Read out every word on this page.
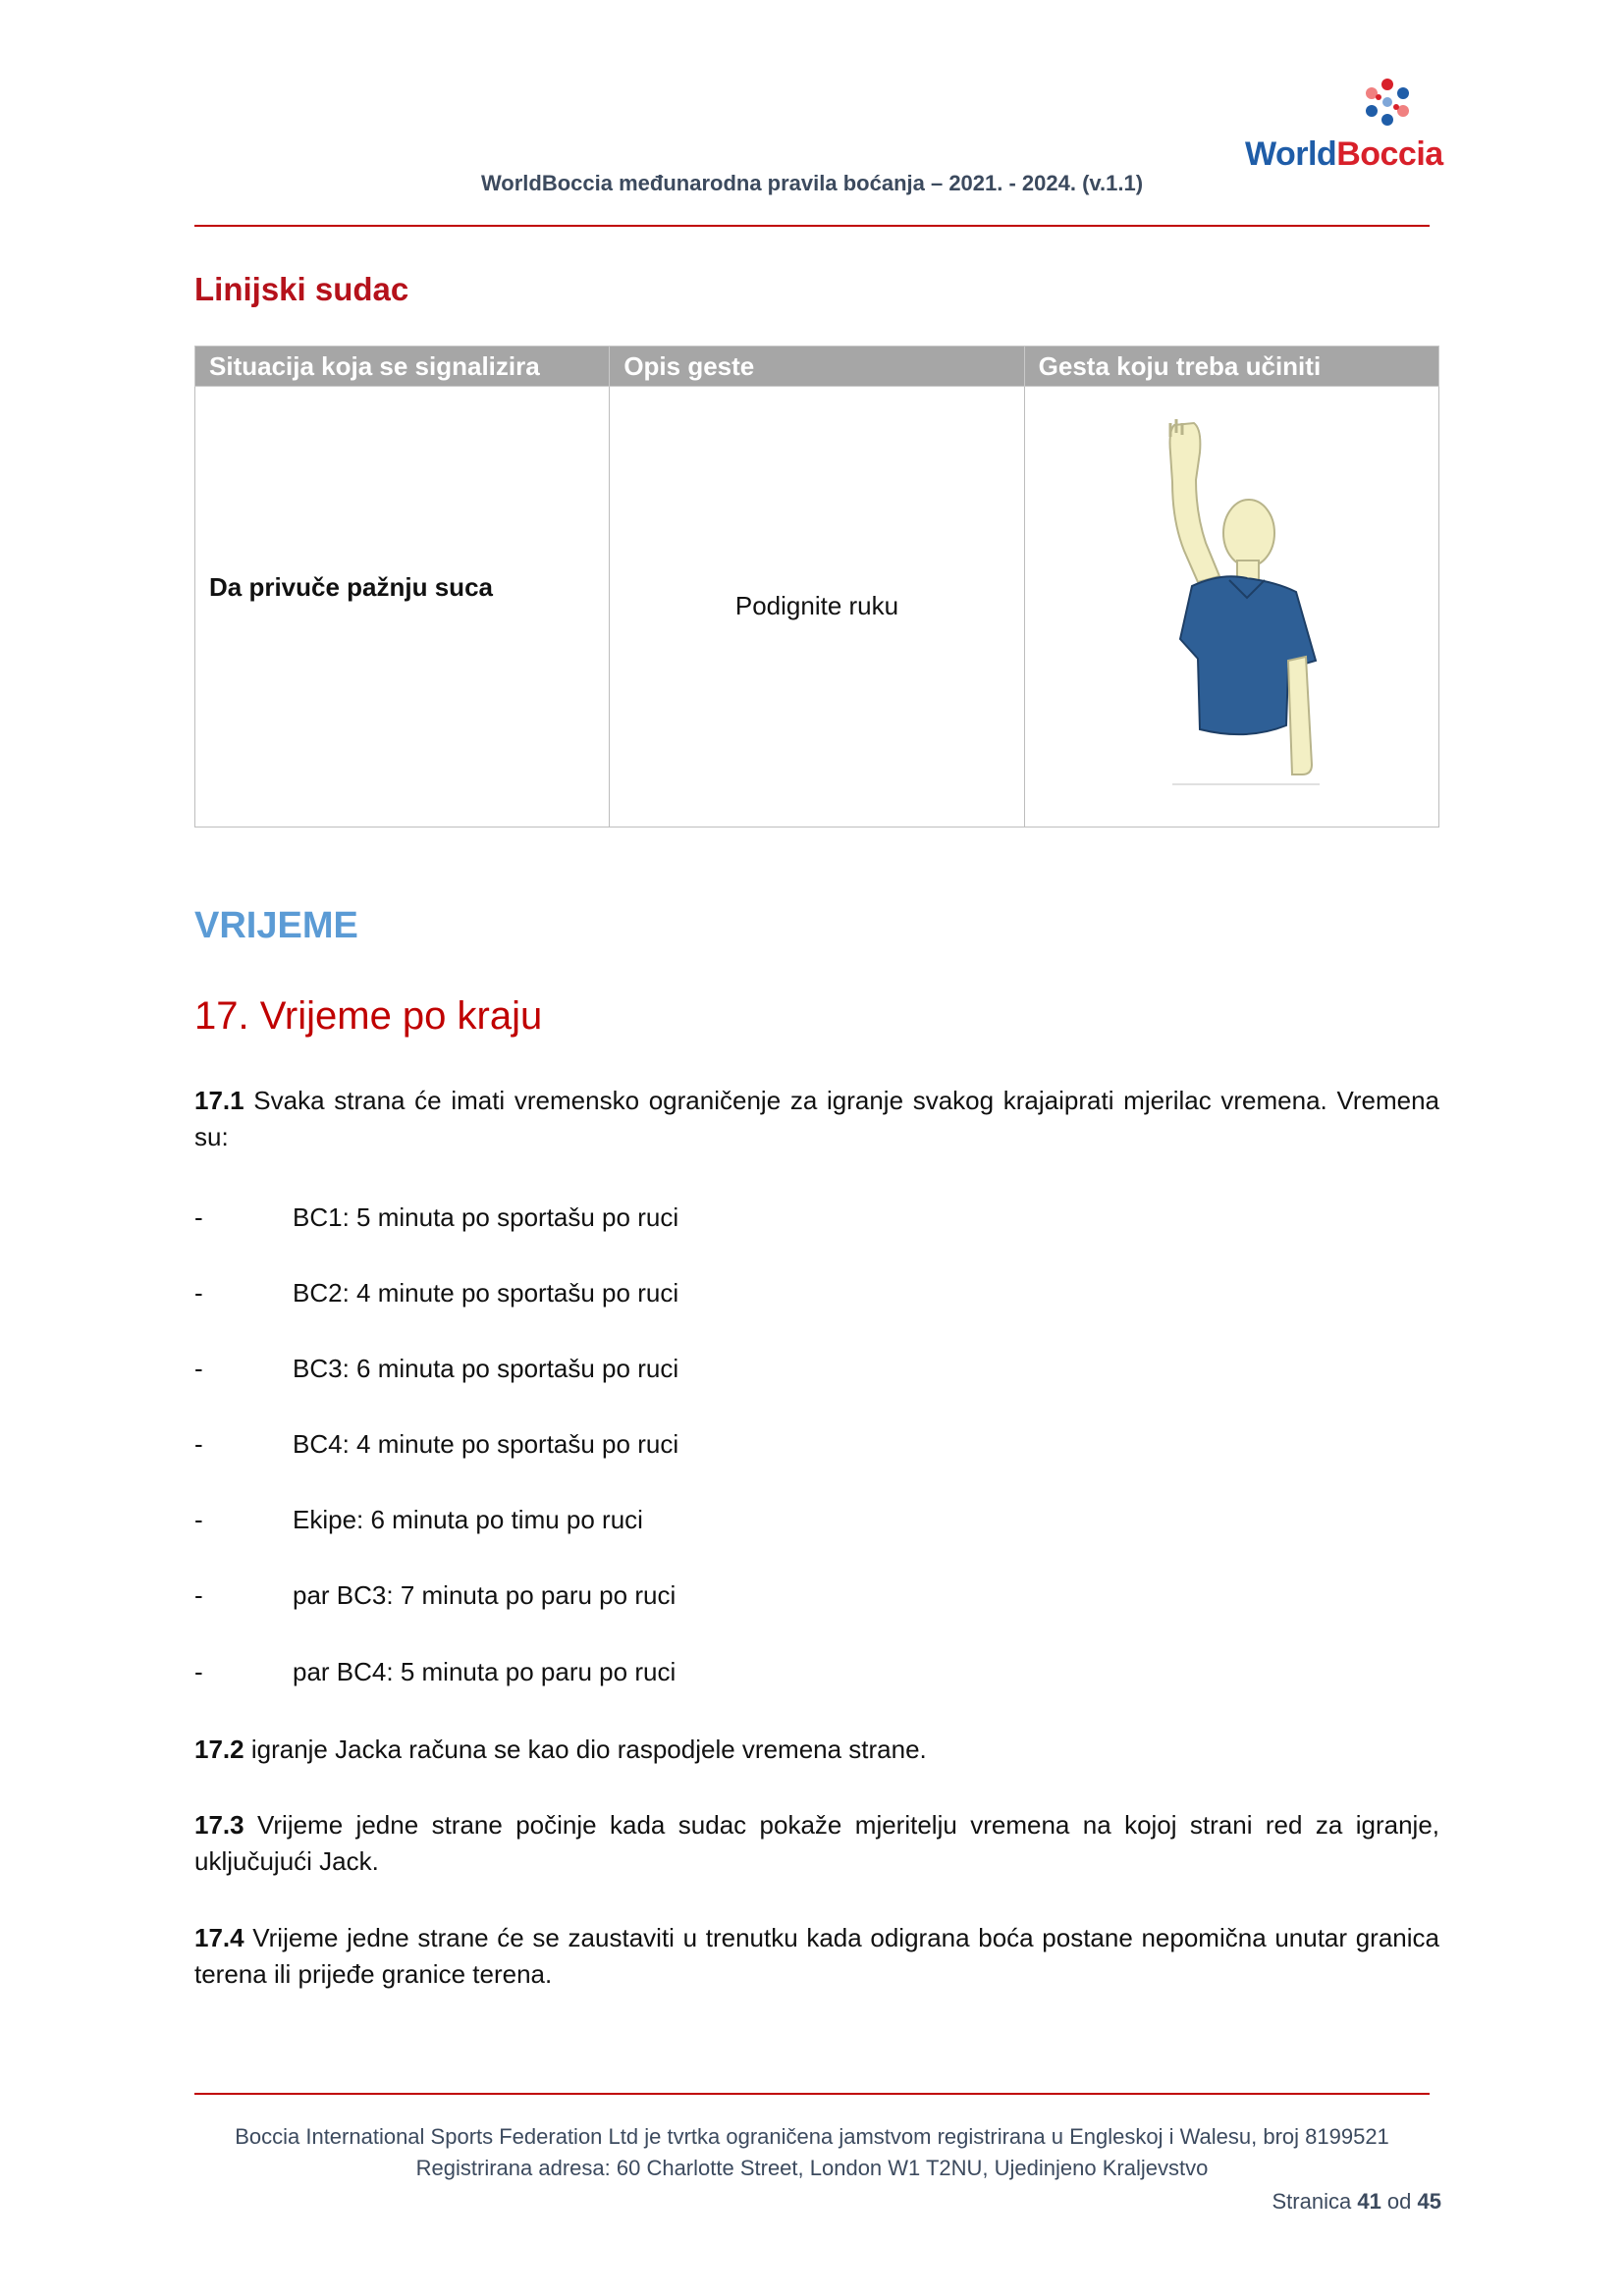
WorldBoccia
WorldBoccia međunarodna pravila boćanja – 2021. - 2024. (v.1.1)
Linijski sudac
Situacija koja se signalizira	Opis geste	Gesta koju treba učiniti
Da privuče pažnju suca	Podignite ruku	
VRIJEME
17. Vrijeme po kraju
17.1 Svaka strana će imati vremensko ograničenje za igranje svakog krajaiprati mjerilac vremena. Vremena su:
-	BC1: 5 minuta po sportašu po ruci
-	BC2: 4 minute po sportašu po ruci
-	BC3: 6 minuta po sportašu po ruci
-	BC4: 4 minute po sportašu po ruci
-	Ekipe: 6 minuta po timu po ruci
-	par BC3: 7 minuta po paru po ruci
-	par BC4: 5 minuta po paru po ruci
17.2 igranje Jacka računa se kao dio raspodjele vremena strane.
17.3 Vrijeme jedne strane počinje kada sudac pokaže mjeritelju vremena na kojoj strani red za igranje, uključujući Jack.
17.4 Vrijeme jedne strane će se zaustaviti u trenutku kada odigrana boća postane nepomična unutar granica terena ili prijeđe granice terena.
Boccia International Sports Federation Ltd je tvrtka ograničena jamstvom registrirana u Engleskoj i Walesu, broj 8199521
Registrirana adresa: 60 Charlotte Street, London W1 T2NU, Ujedinjeno Kraljevstvo
Stranica 41 od 45
